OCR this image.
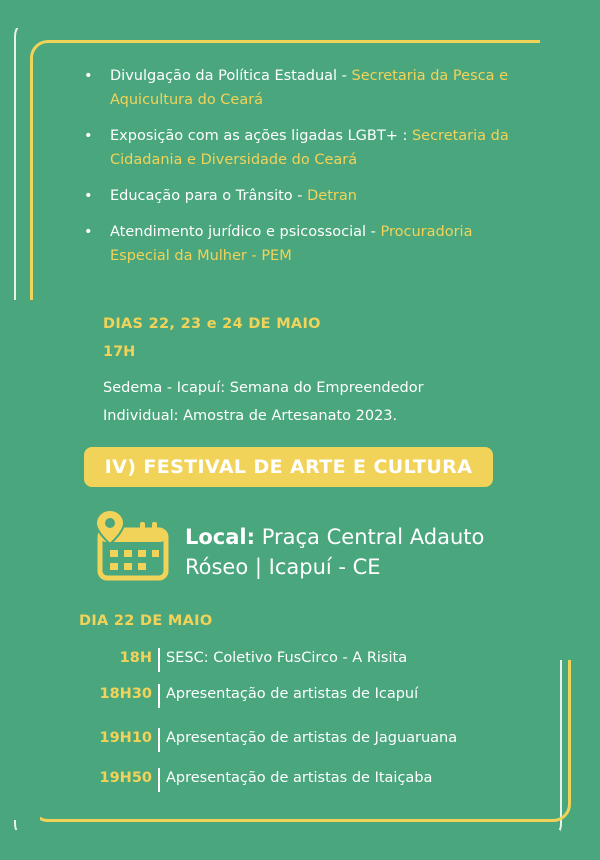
• Divulgação da Política Estadual - Secretaria da Pesca e Aquicultura do Ceará
• Exposição com as ações ligadas LGBT+ : Secretaria da Cidadania e Diversidade do Ceará
• Educação para o Trânsito - Detran
• Atendimento jurídico e psicossocial - Procuradoria Especial da Mulher - PEM
DIAS 22, 23 e 24 DE MAIO
17H
Sedema - Icapuí: Semana do Empreendedor Individual: Amostra de Artesanato 2023.
IV) FESTIVAL DE ARTE E CULTURA
Local: Praça Central Adauto Róseo | Icapuí - CE
DIA 22 DE MAIO
18H SESC: Coletivo FusCirco - A Risita
18H30 Apresentação de artistas de Icapuí
19H10 Apresentação de artistas de Jaguaruana
19H50 Apresentação de artistas de Itaiçaba
